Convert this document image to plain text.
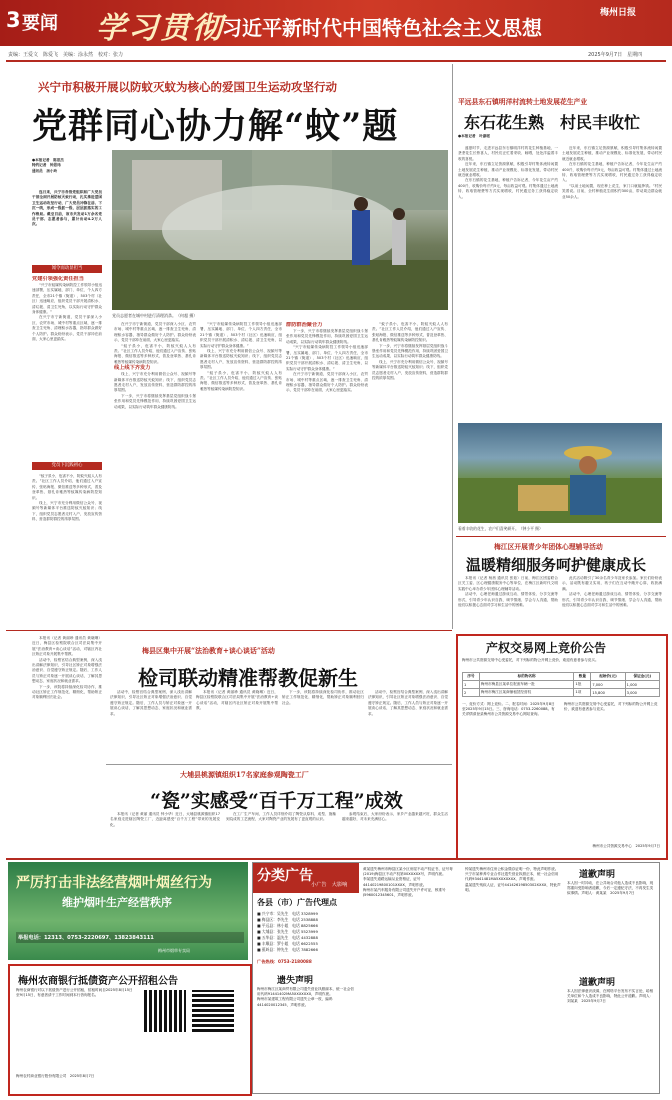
3 要闻 学习贯彻
习近平新时代中国特色社会主义思想
梅州日报
责编：王爱文　陈爱飞　美编：涂永然　校对：张力	2025年9月7日　星期四
兴宁市积极开展以防蚊灭蚊为核心的爱国卫生运动攻坚行动
党群同心协力解“蚊”题
●本报记者　陈思杰
特约记者　钟思玮
通讯员　汤小玲

连日来，兴宁市各级党组织和广大党员干部全面开展防蚊灭蚊行动，扎实推进爱国卫生运动攻坚行动，广大党员冲锋在前、下沉一线，形成一级抓一级、层层抓落实的工作格局。截至目前，该市共发动1万余名党员干部、志愿者参与，累计出动4.2万人次。

党员志愿者在城中村进行清理消杀。（何超 摄）
闻令而动显担当
党建引领强化责任担当

“兴宁市蚊媒传染病防控工作领导小组迅速部署，压实属地、部门、单位、个人四方责任，全市21个镇（街道）、503个村（社区）迅速响应，组织党员干部开展清积水、清垃圾、清卫生死角，以实际行动守护群众身体健康。”

在兴宁市宁新街道，党员干部深入小区、农贸市场、城中村等重点区域，逐一排查卫生死角、清理积水容器，指导群众做好个人防护。群众纷纷表示，党员干部冲在前面，大家心里更踏实。

党员下沉践初心

“蚊子虽小，危害不小，防蚊灭蚊人人有责。”社区工作人员介绍，他们通过入户宣传、张贴海报、微信推送等多种形式，普及登革热、基孔肯雅热等蚊媒传染病防控知识。

线上，兴宁市充分利用微信公众号、视频号等新媒体平台推送防蚊灭蚊知识；线下，组织党员志愿者走村入户，发放宣传资料，营造群防群控的浓厚氛围。

在兴宁市宁新街道，党员干部深入小区、农贸市场、城中村等重点区域，逐一排查卫生死角、清理积水容器，指导群众做好个人防护。群众纷纷表示，党员干部冲在前面，大家心里更踏实。

“蚊子虽小，危害不小，防蚊灭蚊人人有责。”社区工作人员介绍，他们通过入户宣传、张贴海报、微信推送等多种形式，普及登革热、基孔肯雅热等蚊媒传染病防控知识。

线上线下齐发力

线上，兴宁市充分利用微信公众号、视频号等新媒体平台推送防蚊灭蚊知识；线下，组织党员志愿者走村入户，发放宣传资料，营造群防群控的浓厚氛围。

下一步，兴宁市将继续发挥基层党组织战斗堡垒作用和党员先锋模范作用，持续巩固爱国卫生运动成果，以实际行动筑牢群众健康防线。

“兴宁市蚊媒传染病防控工作领导小组迅速部署，压实属地、部门、单位、个人四方责任，全市21个镇（街道）、503个村（社区）迅速响应，组织党员干部开展清积水、清垃圾、清卫生死角，以实际行动守护群众身体健康。”

线上，兴宁市充分利用微信公众号、视频号等新媒体平台推送防蚊灭蚊知识；线下，组织党员志愿者走村入户，发放宣传资料，营造群防群控的浓厚氛围。

“蚊子虽小，危害不小，防蚊灭蚊人人有责。”社区工作人员介绍，他们通过入户宣传、张贴海报、微信推送等多种形式，普及登革热、基孔肯雅热等蚊媒传染病防控知识。

群防群治聚合力

下一步，兴宁市将继续发挥基层党组织战斗堡垒作用和党员先锋模范作用，持续巩固爱国卫生运动成果，以实际行动筑牢群众健康防线。

“兴宁市蚊媒传染病防控工作领导小组迅速部署，压实属地、部门、单位、个人四方责任，全市21个镇（街道）、503个村（社区）迅速响应，组织党员干部开展清积水、清垃圾、清卫生死角，以实际行动守护群众身体健康。”

在兴宁市宁新街道，党员干部深入小区、农贸市场、城中村等重点区域，逐一排查卫生死角、清理积水容器，指导群众做好个人防护。群众纷纷表示，党员干部冲在前面，大家心里更踏实。

“蚊子虽小，危害不小，防蚊灭蚊人人有责。”社区工作人员介绍，他们通过入户宣传、张贴海报、微信推送等多种形式，普及登革热、基孔肯雅热等蚊媒传染病防控知识。

下一步，兴宁市将继续发挥基层党组织战斗堡垒作用和党员先锋模范作用，持续巩固爱国卫生运动成果，以实际行动筑牢群众健康防线。

线上，兴宁市充分利用微信公众号、视频号等新媒体平台推送防蚊灭蚊知识；线下，组织党员志愿者走村入户，发放宣传资料，营造群防群控的浓厚氛围。

平远县东石镇明洋村流转土地发展花生产业
东石花生熟　村民丰收忙
●本报记者　叶嘉瑶

盛夏时节，走进平远县东石镇明洋村的花生种植基地，一垄垄花生长势喜人，村民们正忙着采收、晾晒，处处洋溢着丰收的喜悦。

近年来，东石镇立足资源禀赋，积极引导村集体流转闲置土地发展花生种植，推动产业规模化、标准化发展，带动村民就近就业增收。

在东石镇的花生基地，种植户告诉记者，今年花生亩产约400斤，收购价每斤约5元，每亩收益可观。村集体通过土地流转、收取管理费等方式实现增收，村民通过务工获得稳定收入。

近年来，东石镇立足资源禀赋，积极引导村集体流转闲置土地发展花生种植，推动产业规模化、标准化发展，带动村民就近就业增收。

在东石镇的花生基地，种植户告诉记者，今年花生亩产约400斤，收购价每斤约5元，每亩收益可观。村集体通过土地流转、收取管理费等方式实现增收，村民通过务工获得稳定收入。

“以前土地闲置，现在种上花生，家门口就能挣钱。”村民笑着说。目前，全村种植花生面积约300亩，带动周边群众就业50余人。

看着丰收的花生，农户们喜笑颜开。（钟小平 摄）
梅江区开展青少年团体心理辅导活动
温暖精细服务呵护健康成长

本报讯（记者 杨茜 通讯员 张茹）日前，梅江区团委联合区关工委、区心理健康服务中心等单位，在梅江区新时代文明实践中心举办青少年团体心理辅导活动。

活动中，心理老师通过游戏互动、情景体验、分享交流等形式，引导青少年认识自我、调节情绪、学会与人沟通，帮助他们以积极心态面对学习和生活中的困难。

此次活动吸引了30余名青少年及家长参加。家长们纷纷表示，活动既有趣又实用，孩子们在互动中敞开心扉，收获满满。

活动中，心理老师通过游戏互动、情景体验、分享交流等形式，引导青少年认识自我、调节情绪、学会与人沟通，帮助他们以积极心态面对学习和生活中的困难。

本报讯（记者 黄丽珍 通讯员 黄晓琳）近日，梅县区检察院联合区司法局集中开展“法治教育+谈心谈话”活动，对辖区内社区矫正对象开展集中帮教。

活动中，检察官结合典型案例，深入浅出讲解法律知识，引导社区矫正对象增强法治意识、自觉遵守矫正规定。随后，工作人员与矫正对象逐一开展谈心谈话，了解其思想动态、家庭状况和就业需求。

下一步，该院将持续深化检司协作，推动社区矫正工作规范化、精细化，帮助矫正对象顺利回归社会。

梅县区集中开展“法治教育+谈心谈话”活动
检司联动精准帮教促新生

活动中，检察官结合典型案例，深入浅出讲解法律知识，引导社区矫正对象增强法治意识、自觉遵守矫正规定。随后，工作人员与矫正对象逐一开展谈心谈话，了解其思想动态、家庭状况和就业需求。

本报讯（记者 黄丽珍 通讯员 黄晓琳）近日，梅县区检察院联合区司法局集中开展“法治教育+谈心谈话”活动，对辖区内社区矫正对象开展集中帮教。

下一步，该院将持续深化检司协作，推动社区矫正工作规范化、精细化，帮助矫正对象顺利回归社会。

活动中，检察官结合典型案例，深入浅出讲解法律知识，引导社区矫正对象增强法治意识、自觉遵守矫正规定。随后，工作人员与矫正对象逐一开展谈心谈话，了解其思想动态、家庭状况和就业需求。

大埔县桃源镇组织17名家庭参观陶瓷工厂
“瓷”实感受“百千万工程”成效

本报讯（记者 黄丽 通讯员 钟小华）近日，大埔县桃源镇组织17名家庭走进辖区陶瓷工厂，近距离感受“百千万工程”带来的发展变化。

在工厂生产车间，工作人员详细介绍了陶瓷从原料、成型、施釉到烧成的工艺流程，大家对陶瓷产业的发展有了更直观的认识。

参观结束后，大家纷纷表示，家乡产业越来越兴旺，群众生活越来越好，对未来充满信心。

产权交易网上竞价公告
梅州市公共资源交易中心受委托，对下列标的物公开网上竞价，欢迎有意者参与竞买。
序号	标的物名称	数量	起始价(元)	保证金(元)
1	梅州市梅县区某单位报废车辆一批	1批	7,000	1,000
2	梅州市梅江区某商铺租赁经营权	1项	15,800	3,000
一、竞价方式：网上竞价。二、报名时间：2025年9月8日至2025年9月15日。三、咨询电话：0753-2260088。有关详情请登录梅州市公共资源交易中心网站查询。
梅州市公共资源交易中心受委托，对下列标的物公开网上竞价，欢迎有意者参与竞买。
梅州市公共资源交易中心　2025年9月7日
严厉打击非法经营烟叶烟丝行为
维护烟叶生产经营秩序
举报电话：12313、0753-2220697、13823843111
梅州市烟草专卖局
梅州农商银行抵债资产公开招租公告
梅州农商银行对以下抵债资产进行公开招租，招租时间自2025年8月15日至9月15日，有意者请于工作时间到本行咨询报名。
梅州农村商业银行股份有限公司　2025年8月7日
分类广告
小广告　大影响
各县（市）广告代理点
■ 兴宁市：吴先生　电话 3328999
■ 梅县区：李先生　电话 2538888
■ 平远县：林小姐　电话 8825666
■ 大埔县：张先生　电话 5523999
■ 五华县：温先生　电话 4432888
■ 丰顺县：罗小姐　电话 6622555
■ 蕉岭县：钟先生　电话 7882666
广告热线：0753-2180088
遗失声明
梅州市梅江区某商贸有限公司遗失营业执照副本，统一社会信用代码91441402MA5XXXXXXX，声明作废。
梅州市某建筑工程有限公司遗失公章一枚，编码4414020012345，声明作废。
黄某遗失梅州市梅县区某小区房屋不动产权证书，证号粤(2019)梅县区不动产权第00XXXXX号，声明作废。
李某遗失道路运输从业资格证，证号44140219800101XXXX，声明作废。
梅州市某汽车服务有限公司遗失开户许可证，核准号J5960012345601，声明作废。
钟某遗失梅州市住房公积金缴存证明一份，特此声明作废。
兴宁市某种养专业合作社遗失营业执照正本，统一社会信用代码93441481MA5XXXXXXX，声明作废。
温某遗失残疾人证，证号44142619850302XXXX，特此声明。
道歉声明
本人因一时冲动，在公共场合对他人造成不良影响，现郑重向受影响者道歉，今后一定遵纪守法，不再发生类似事情。声明人：黄某某　2025年9月7日
道歉声明
本人因法律意识淡薄，在网络平台发布不实言论，给相关单位和个人造成不良影响，特此公开道歉。声明人：刘某某　2025年9月7日
